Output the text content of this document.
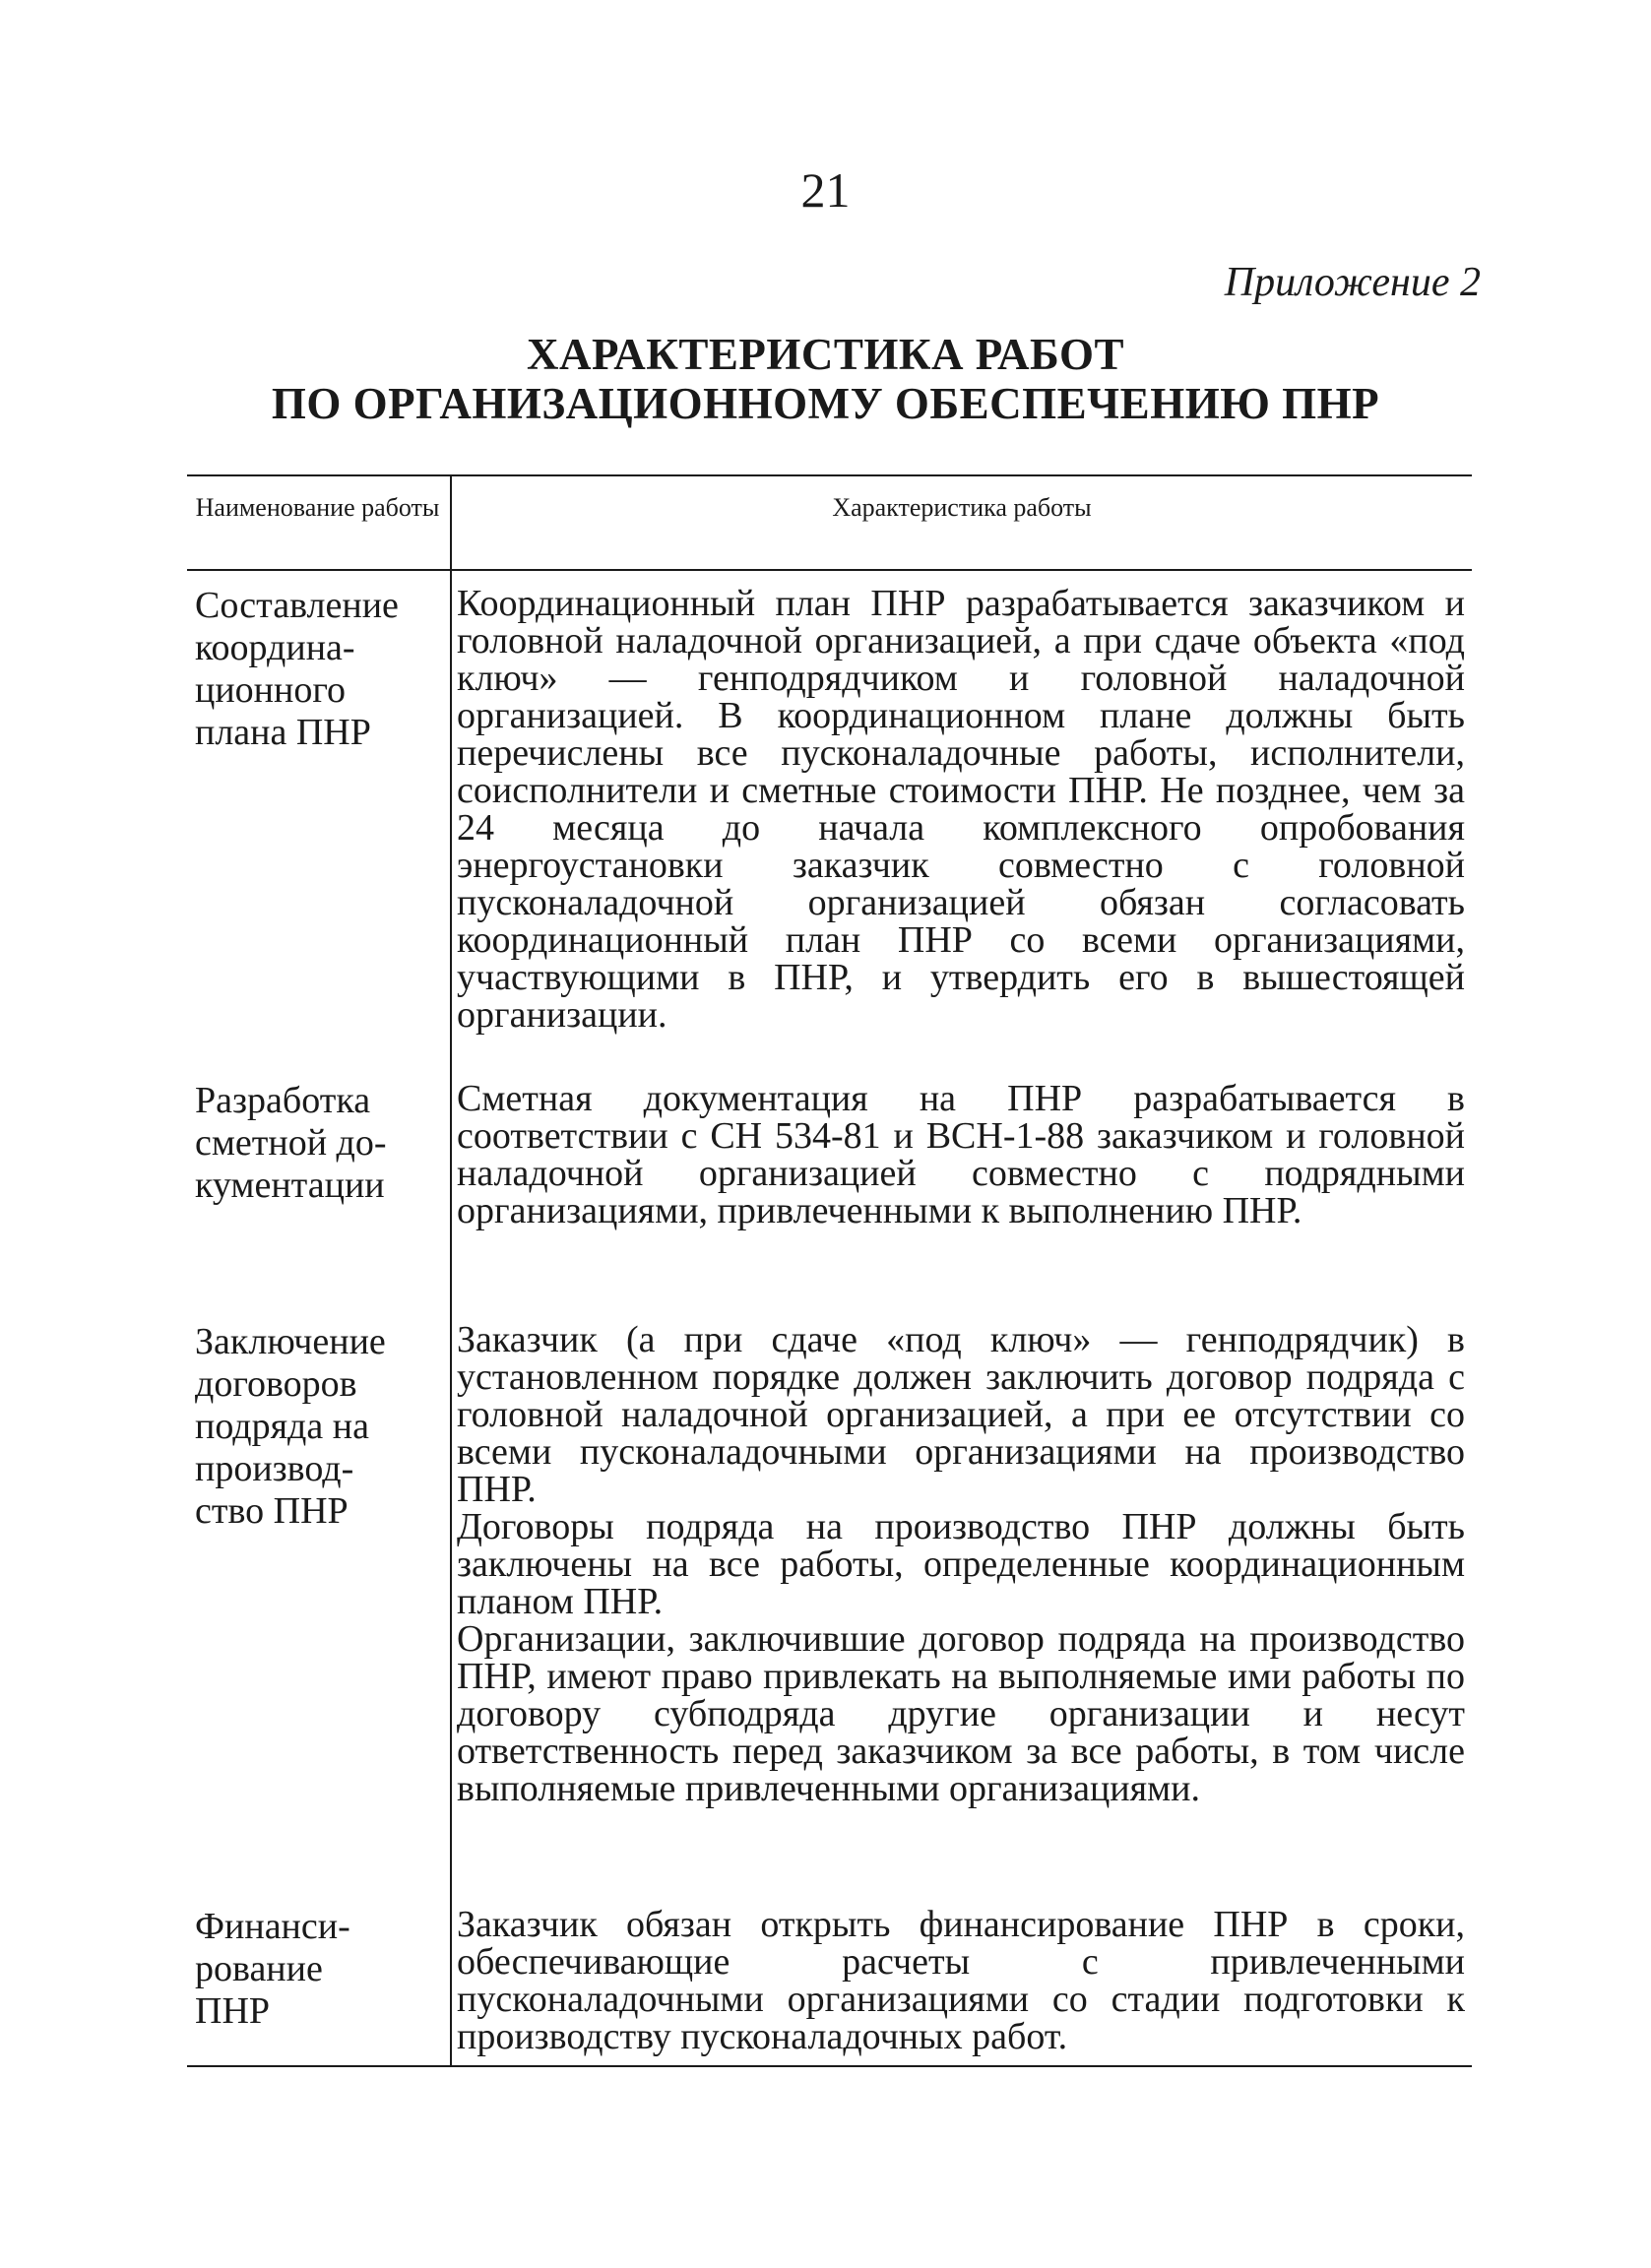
21
Приложение 2
ХАРАКТЕРИСТИКА РАБОТ
ПО ОРГАНИЗАЦИОННОМУ ОБЕСПЕЧЕНИЮ ПНР
Наименование работы	Характеристика работы
Составление
координа-
ционного
плана ПНР

Координационный план ПНР разрабатывается заказчиком и головной наладочной организацией, а при сдаче объекта «под ключ» — генподрядчиком и головной наладочной организацией. В координационном плане должны быть перечислены все пусконаладочные работы, исполнители, соисполнители и сметные стоимости ПНР. Не позднее, чем за 24 месяца до начала комплексного опробования энергоустановки заказчик совместно с головной пусконаладочной организацией обязан согласовать координационный план ПНР со всеми организациями, участвующими в ПНР, и утвердить его в вышестоящей организации.

Разработка
сметной до-
кументации

Сметная документация на ПНР разрабатывается в соответствии с СН 534-81 и ВСН-1-88 заказчиком и головной наладочной организацией совместно с подрядными организациями, привлеченными к выполнению ПНР.

Заключение
договоров
подряда на
производ-
ство ПНР

Заказчик (а при сдаче «под ключ» — генподрядчик) в установленном порядке должен заключить договор подряда с головной наладочной организацией, а при ее отсутствии со всеми пусконаладочными организациями на производство ПНР.

Договоры подряда на производство ПНР должны быть заключены на все работы, определенные координационным планом ПНР.

Организации, заключившие договор подряда на производство ПНР, имеют право привлекать на выполняемые ими работы по договору субподряда другие организации и несут ответственность перед заказчиком за все работы, в том числе выполняемые привлеченными организациями.

Финанси-
рование
ПНР

Заказчик обязан открыть финансирование ПНР в сроки, обеспечивающие расчеты с привлеченными пусконаладочными организациями со стадии подготовки к производству пусконаладочных работ.
